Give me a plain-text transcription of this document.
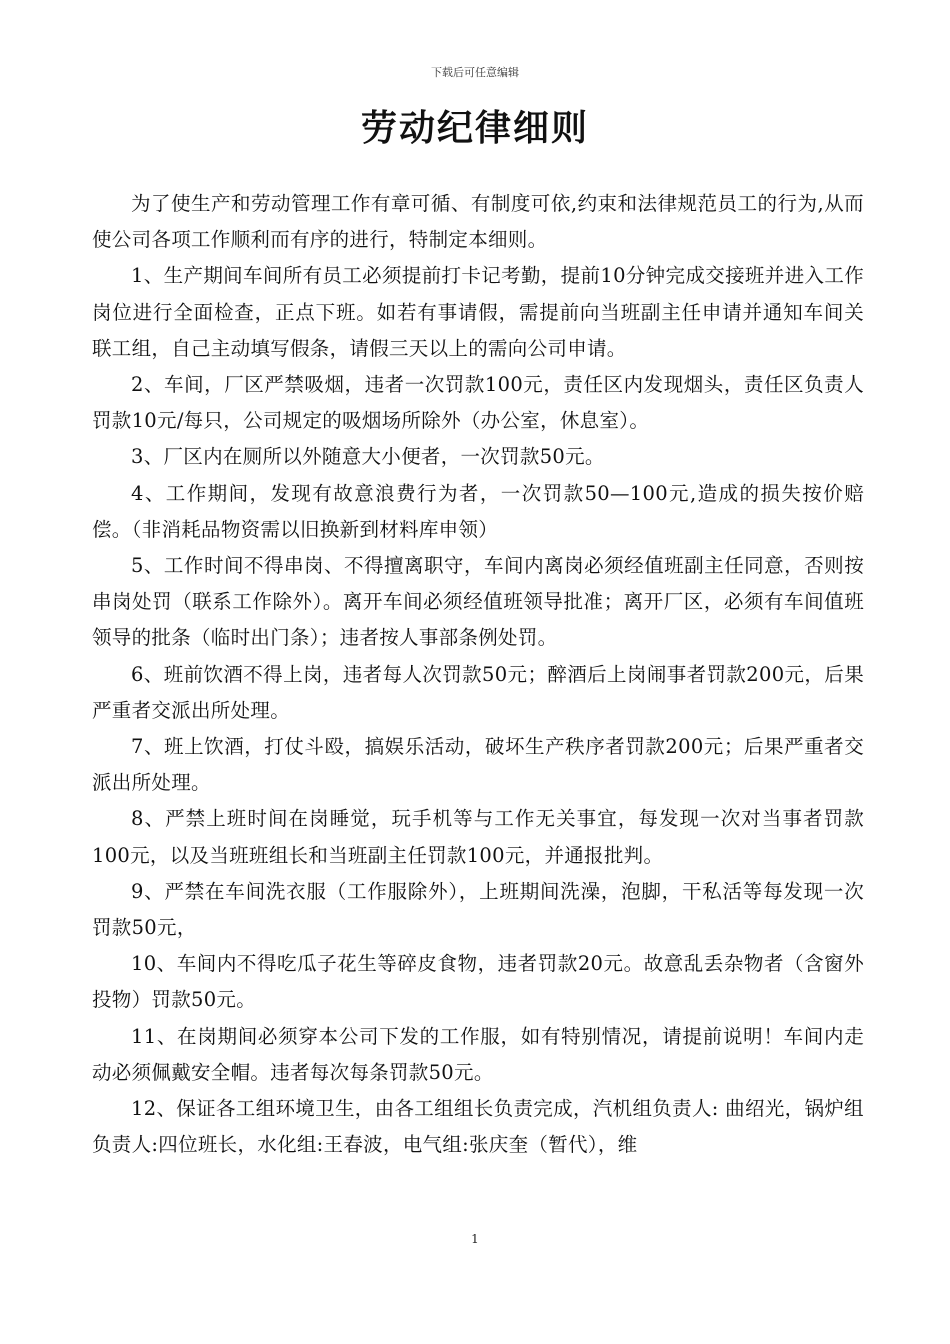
下载后可任意编辑
劳动纪律细则

为了使生产和劳动管理工作有章可循、有制度可依,约束和法律规范员工的行为,从而使公司各项工作顺利而有序的进行，特制定本细则。

1、生产期间车间所有员工必须提前打卡记考勤，提前10分钟完成交接班并进入工作岗位进行全面检查，正点下班。如若有事请假，需提前向当班副主任申请并通知车间关联工组，自己主动填写假条，请假三天以上的需向公司申请。

2、车间，厂区严禁吸烟，违者一次罚款100元，责任区内发现烟头，责任区负责人罚款10元/每只，公司规定的吸烟场所除外（办公室，休息室）。

3、厂区内在厕所以外随意大小便者，一次罚款50元。

4、工作期间，发现有故意浪费行为者，一次罚款50—100元,造成的损失按价赔偿。（非消耗品物资需以旧换新到材料库申领）

5、工作时间不得串岗、不得擅离职守，车间内离岗必须经值班副主任同意，否则按串岗处罚（联系工作除外）。离开车间必须经值班领导批准；离开厂区，必须有车间值班领导的批条（临时出门条）；违者按人事部条例处罚。

6、班前饮酒不得上岗，违者每人次罚款50元；醉酒后上岗闹事者罚款200元，后果严重者交派出所处理。

7、班上饮酒，打仗斗殴，搞娱乐活动，破坏生产秩序者罚款200元；后果严重者交派出所处理。

8、严禁上班时间在岗睡觉，玩手机等与工作无关事宜，每发现一次对当事者罚款100元，以及当班班组长和当班副主任罚款100元，并通报批判。

9、严禁在车间洗衣服（工作服除外），上班期间洗澡，泡脚，干私活等每发现一次罚款50元，

10、车间内不得吃瓜子花生等碎皮食物，违者罚款20元。故意乱丢杂物者（含窗外投物）罚款50元。

11、在岗期间必须穿本公司下发的工作服，如有特别情况，请提前说明！车间内走动必须佩戴安全帽。违者每次每条罚款50元。

12、保证各工组环境卫生，由各工组组长负责完成，汽机组负责人: 曲绍光，锅炉组负责人:四位班长，水化组:王春波，电气组:张庆奎（暂代），维

1
